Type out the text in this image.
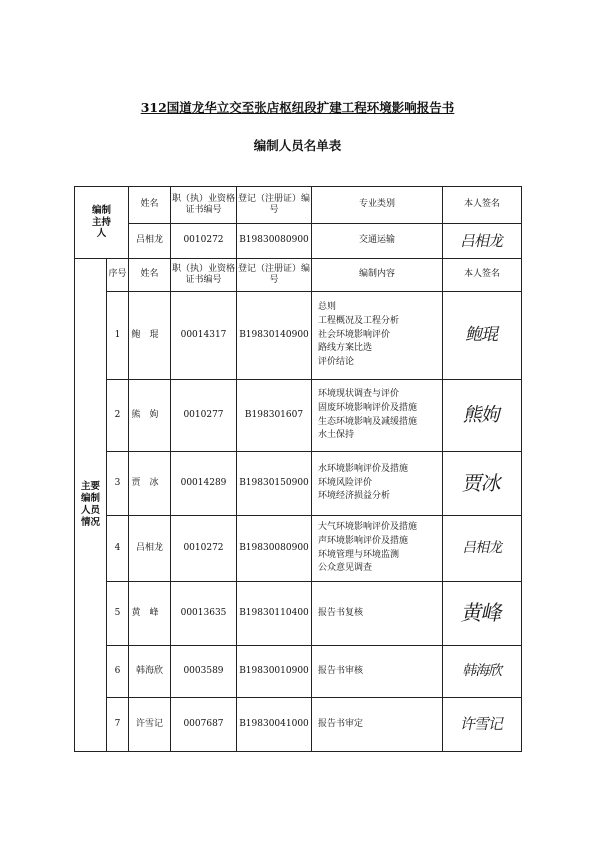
312国道龙华立交至张店枢纽段扩建工程环境影响报告书
编制人员名单表
编制主持人		姓名	职（执）业资格证书编号	登记（注册证）编号	专业类别	本人签名
		吕相龙	0010272	B19830080900	交通运输	吕相龙
主要编制人员情况	序号	姓名	职（执）业资格证书编号	登记（注册证）编号	编制内容	本人签名
	1	鲍琨	00014317	B19830140900	总则
工程概况及工程分析
社会环境影响评价
路线方案比选
评价结论	鲍琨
	2	熊姁	0010277	B198301607	环境现状调查与评价
固废环境影响评价及措施
生态环境影响及减缓措施
水土保持	熊姁
	3	贾冰	00014289	B19830150900	水环境影响评价及措施
环境风险评价
环境经济损益分析	贾冰
	4	吕相龙	0010272	B19830080900	大气环境影响评价及措施
声环境影响评价及措施
环境管理与环境监测
公众意见调查	吕相龙
	5	黄峰	00013635	B19830110400	报告书复核	黄峰
	6	韩海欣	0003589	B19830010900	报告书审核	韩海欣
	7	许雪记	0007687	B19830041000	报告书审定	许雪记
